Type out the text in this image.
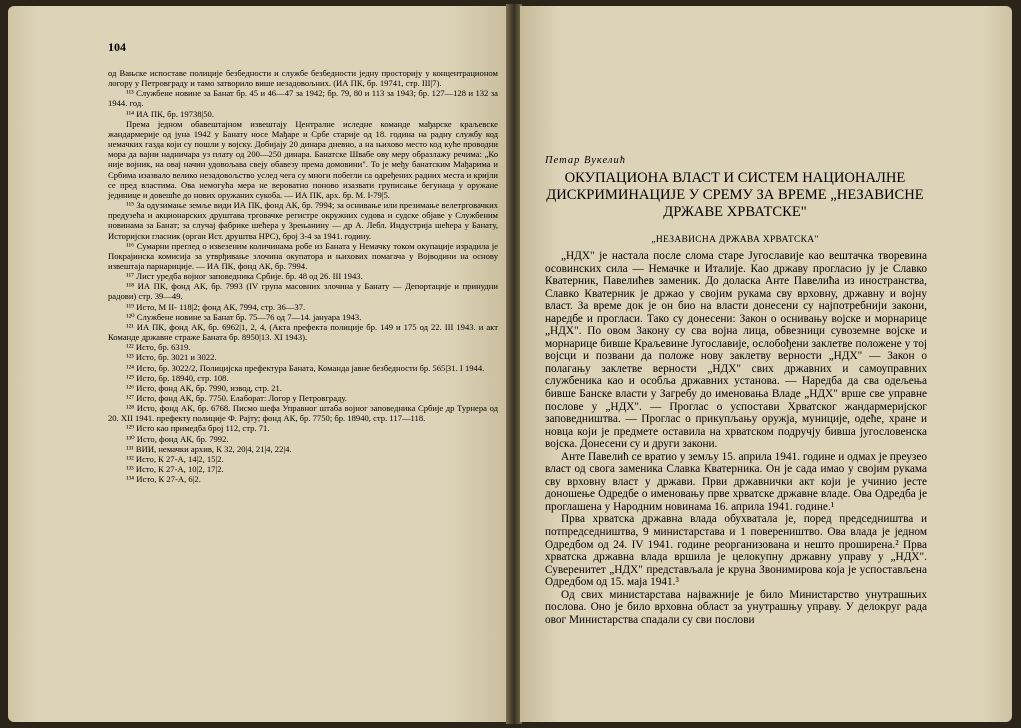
104

од Вањске испоставе полиције безбедности и службе безбедности једну просторију у концентрационом логору у Петровграду и тамо затворило више незадовољних. (ИА ПК, бр. 19741, стр. III|7).

¹¹³ Службене новине за Банат бр. 45 и 46—47 за 1942; бр. 79, 80 и 113 за 1943; бр. 127—128 и 132 за 1944. год.

¹¹⁴ ИА ПК, бр. 19738|50.

Према једном обавештајном извештају Централне иследне команде мађарске краљевске жандармерије од јуна 1942 у Банату носе Мађаре и Србе старије од 18. година на радну службу код немачких газда који су пошли у војску. Добијају 20 динара дневно, а на њихово место код куће проводни мора да вајни надничара уз плату од 200—250 динара. Банатске Швабе ову меру образлажу речима: „Ко није војник, на овај начин удовољава свеју обавезу према домовини". То је међу банатским Мађарима и Србима изазвало велико незадовољство услед чега су многи побегли са одређених радних места и кријли се пред властима. Ова немогућа мера не вероватно поново изазвати груписање бегунаца у оружане јединице и довешће до нових оружаних сукоба. — ИА ПК, арх. бр. М. I-79|5.

¹¹⁵ За одузимање земље види ИА ПК, фонд АК, бр. 7994; за оснивање или презимање велетрговачких предузећа и акционарских друштава трговачке регистре окружних судова и судске објаве у Службеним новинама за Банат; за случај фабрике шећера у Зрењанину — др А. Лебл. Индустрија шећера у Банату, Историјски гласник (орган Ист. друштва НРС), број 3-4 за 1941. годину.

¹¹⁶ Сумарни преглед о извезеним количинама робе из Баната у Немачку током окупације израдила је Покрајинска комисија за утврђивање злочина окупатора и њихових помагача у Војводини на основу извештаја парнариције. — ИА ПК, фонд АК, бр. 7994.

¹¹⁷ Лист уредба војног заповедника Србије. бр. 48 од 26. III 1943.

¹¹⁸ ИА ПК, фонд АК, бр. 7993 (IV група масовних злочина у Банату — Депортације и принудни радови) стр. 39—49.

¹¹⁹ Исто, М II- 118|2; фонд АК, 7994, стр. 36—37.

¹²⁰ Службене новине за Банат бр. 75—76 од 7—14. јануара 1943.

¹²¹ ИА ПК, фонд АК, бр. 6962|1, 2, 4, (Акта префекта полиције бр. 149 и 175 од 22. III 1943. и акт Команде државне страже Баната бр. 8950|13. XI 1943).

¹²² Исто, бр. 6319.

¹²³ Исто, бр. 3021 и 3022.

¹²⁴ Исто, бр. 3022/2, Полицијска префектура Баната, Команда јавне безбедности бр. 565|31. I 1944.

¹²⁵ Исто, бр. 18940, стр. 108.

¹²⁶ Исто, фонд АК, бр. 7990, извод, стр. 21.

¹²⁷ Исто, фонд АК, бр. 7750. Елаборат: Логор у Петровграду.

¹²⁸ Исто, фонд АК, бр. 6768. Писмо шефа Управног штаба војног заповедника Србије др Турнера од 20. XII 1941. префекту полиције Ф. Рајту; фонд АК, бр. 7750; бр. 18940, стр. 117—118.

¹²⁹ Исто као примедба број 112, стр. 71.

¹³⁰ Исто, фонд АК, бр. 7992.

¹³¹ ВИИ, немачки архив, К 32, 20|4, 21|4, 22|4.

¹³² Исто, К 27-А, 14|2, 15|2.

¹³³ Исто, К 27-А, 10|2, 17|2.

¹³⁴ Исто, К 27-А, 6|2.

Петар Вукелић
ОКУПАЦИОНА ВЛАСТ И СИСТЕМ НАЦИОНАЛНЕ
ДИСКРИМИНАЦИЈЕ У СРЕМУ ЗА ВРЕМЕ „НЕЗАВИСНЕ
ДРЖАВЕ ХРВАТСКЕ"
„НЕЗАВИСНА ДРЖАВА ХРВАТСКА"

„НДХ" је настала после слома старе Југославије као вештачка творевина осовинских сила — Немачке и Италије. Као државу прогласио ју је Славко Кватерник, Павелићев заменик. До доласка Анте Павелића из иностранства, Славко Кватерник је држао у својим рукама сву врховну, државну и војну власт. За време док је он био на власти донесени су најпотребнији закони, наредбе и прогласи. Тако су донесени: Закон о оснивању војске и морнарице „НДХ". По овом Закону су сва војна лица, обвезници сувоземне војске и морнарице бивше Краљевине Југославије, ослобођени заклетве положене у тој војсци и позвани да положе нову заклетву верности „НДХ" — Закон о полагању заклетве верности „НДХ" свих државних и самоуправних службеника као и особља државних установа. — Наредба да сва одељења бивше Банске власти у Загребу до именовања Владе „НДХ" врше све управне послове у „НДХ". — Проглас о успостави Хрватског жандармеријског заповедништва. — Проглас о прикупљању оружја, муниције, одеће, хране и новца који је предмете оставила на хрватском подручју бивша југословенска војска. Донесени су и други закони.

Анте Павелић се вратио у земљу 15. априла 1941. године и одмах је преузео власт од свога заменика Славка Кватерника. Он је сада имао у својим рукама сву врховну власт у држави. Први државнички акт који је учинио јесте доношење Одредбе о именовању прве хрватске државне владе. Ова Одредба је проглашена у Народним новинама 16. априла 1941. године.¹

Прва хрватска државна влада обухватала је, поред председништва и потпредседништва, 9 министарстава и 1 повереништво. Ова влада је једном Одредбом од 24. IV 1941. године реорганизована и нешто проширена.² Прва хрватска државна влада вршила је целокупну државну управу у „НДХ". Суверенитет „НДХ" представљала је круна Звонимирова која је успостављена Одредбом од 15. маја 1941.³

Од свих министарстава најважније је било Министарство унутрашњих послова. Оно је било врховна област за унутрашњу управу. У делокруг рада овог Министарства спадали су сви послови
